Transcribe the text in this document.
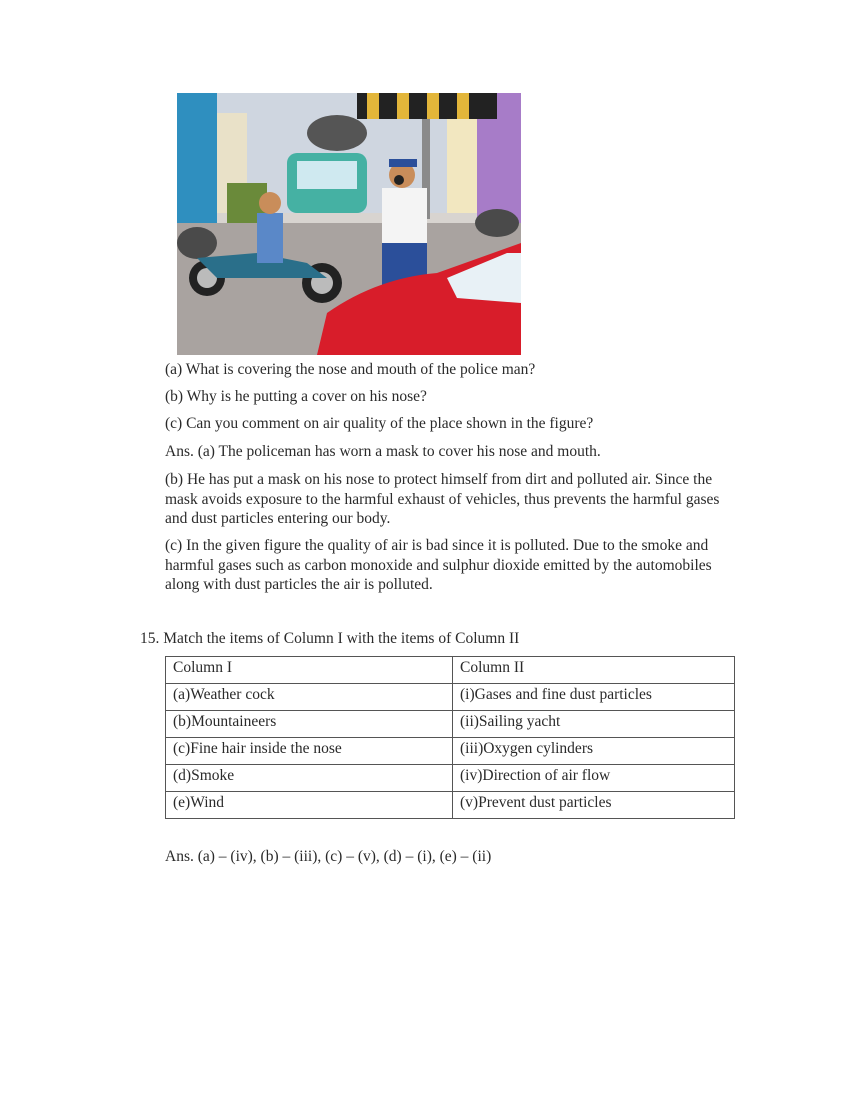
(a) What is covering the nose and mouth of the police man?

(b) Why is he putting a cover on his nose?

(c) Can you comment on air quality of the place shown in the figure?

Ans. (a) The policeman has worn a mask to cover his nose and mouth.

(b) He has put a mask on his nose to protect himself from dirt and polluted air. Since the mask avoids exposure to the harmful exhaust of vehicles, thus prevents the harmful gases and dust particles entering our body.

(c) In the given figure the quality of air is bad since it is polluted. Due to the smoke and harmful gases such as carbon monoxide and sulphur dioxide emitted by the automobiles along with dust particles the air is polluted.

15. Match the items of Column I with the items of Column II

Column I	Column II
(a)Weather cock	(i)Gases and fine dust particles
(b)Mountaineers	(ii)Sailing yacht
(c)Fine hair inside the nose	(iii)Oxygen cylinders
(d)Smoke	(iv)Direction of air flow
(e)Wind	(v)Prevent dust particles

Ans. (a) – (iv), (b) – (iii), (c) – (v), (d) – (i), (e) – (ii)
